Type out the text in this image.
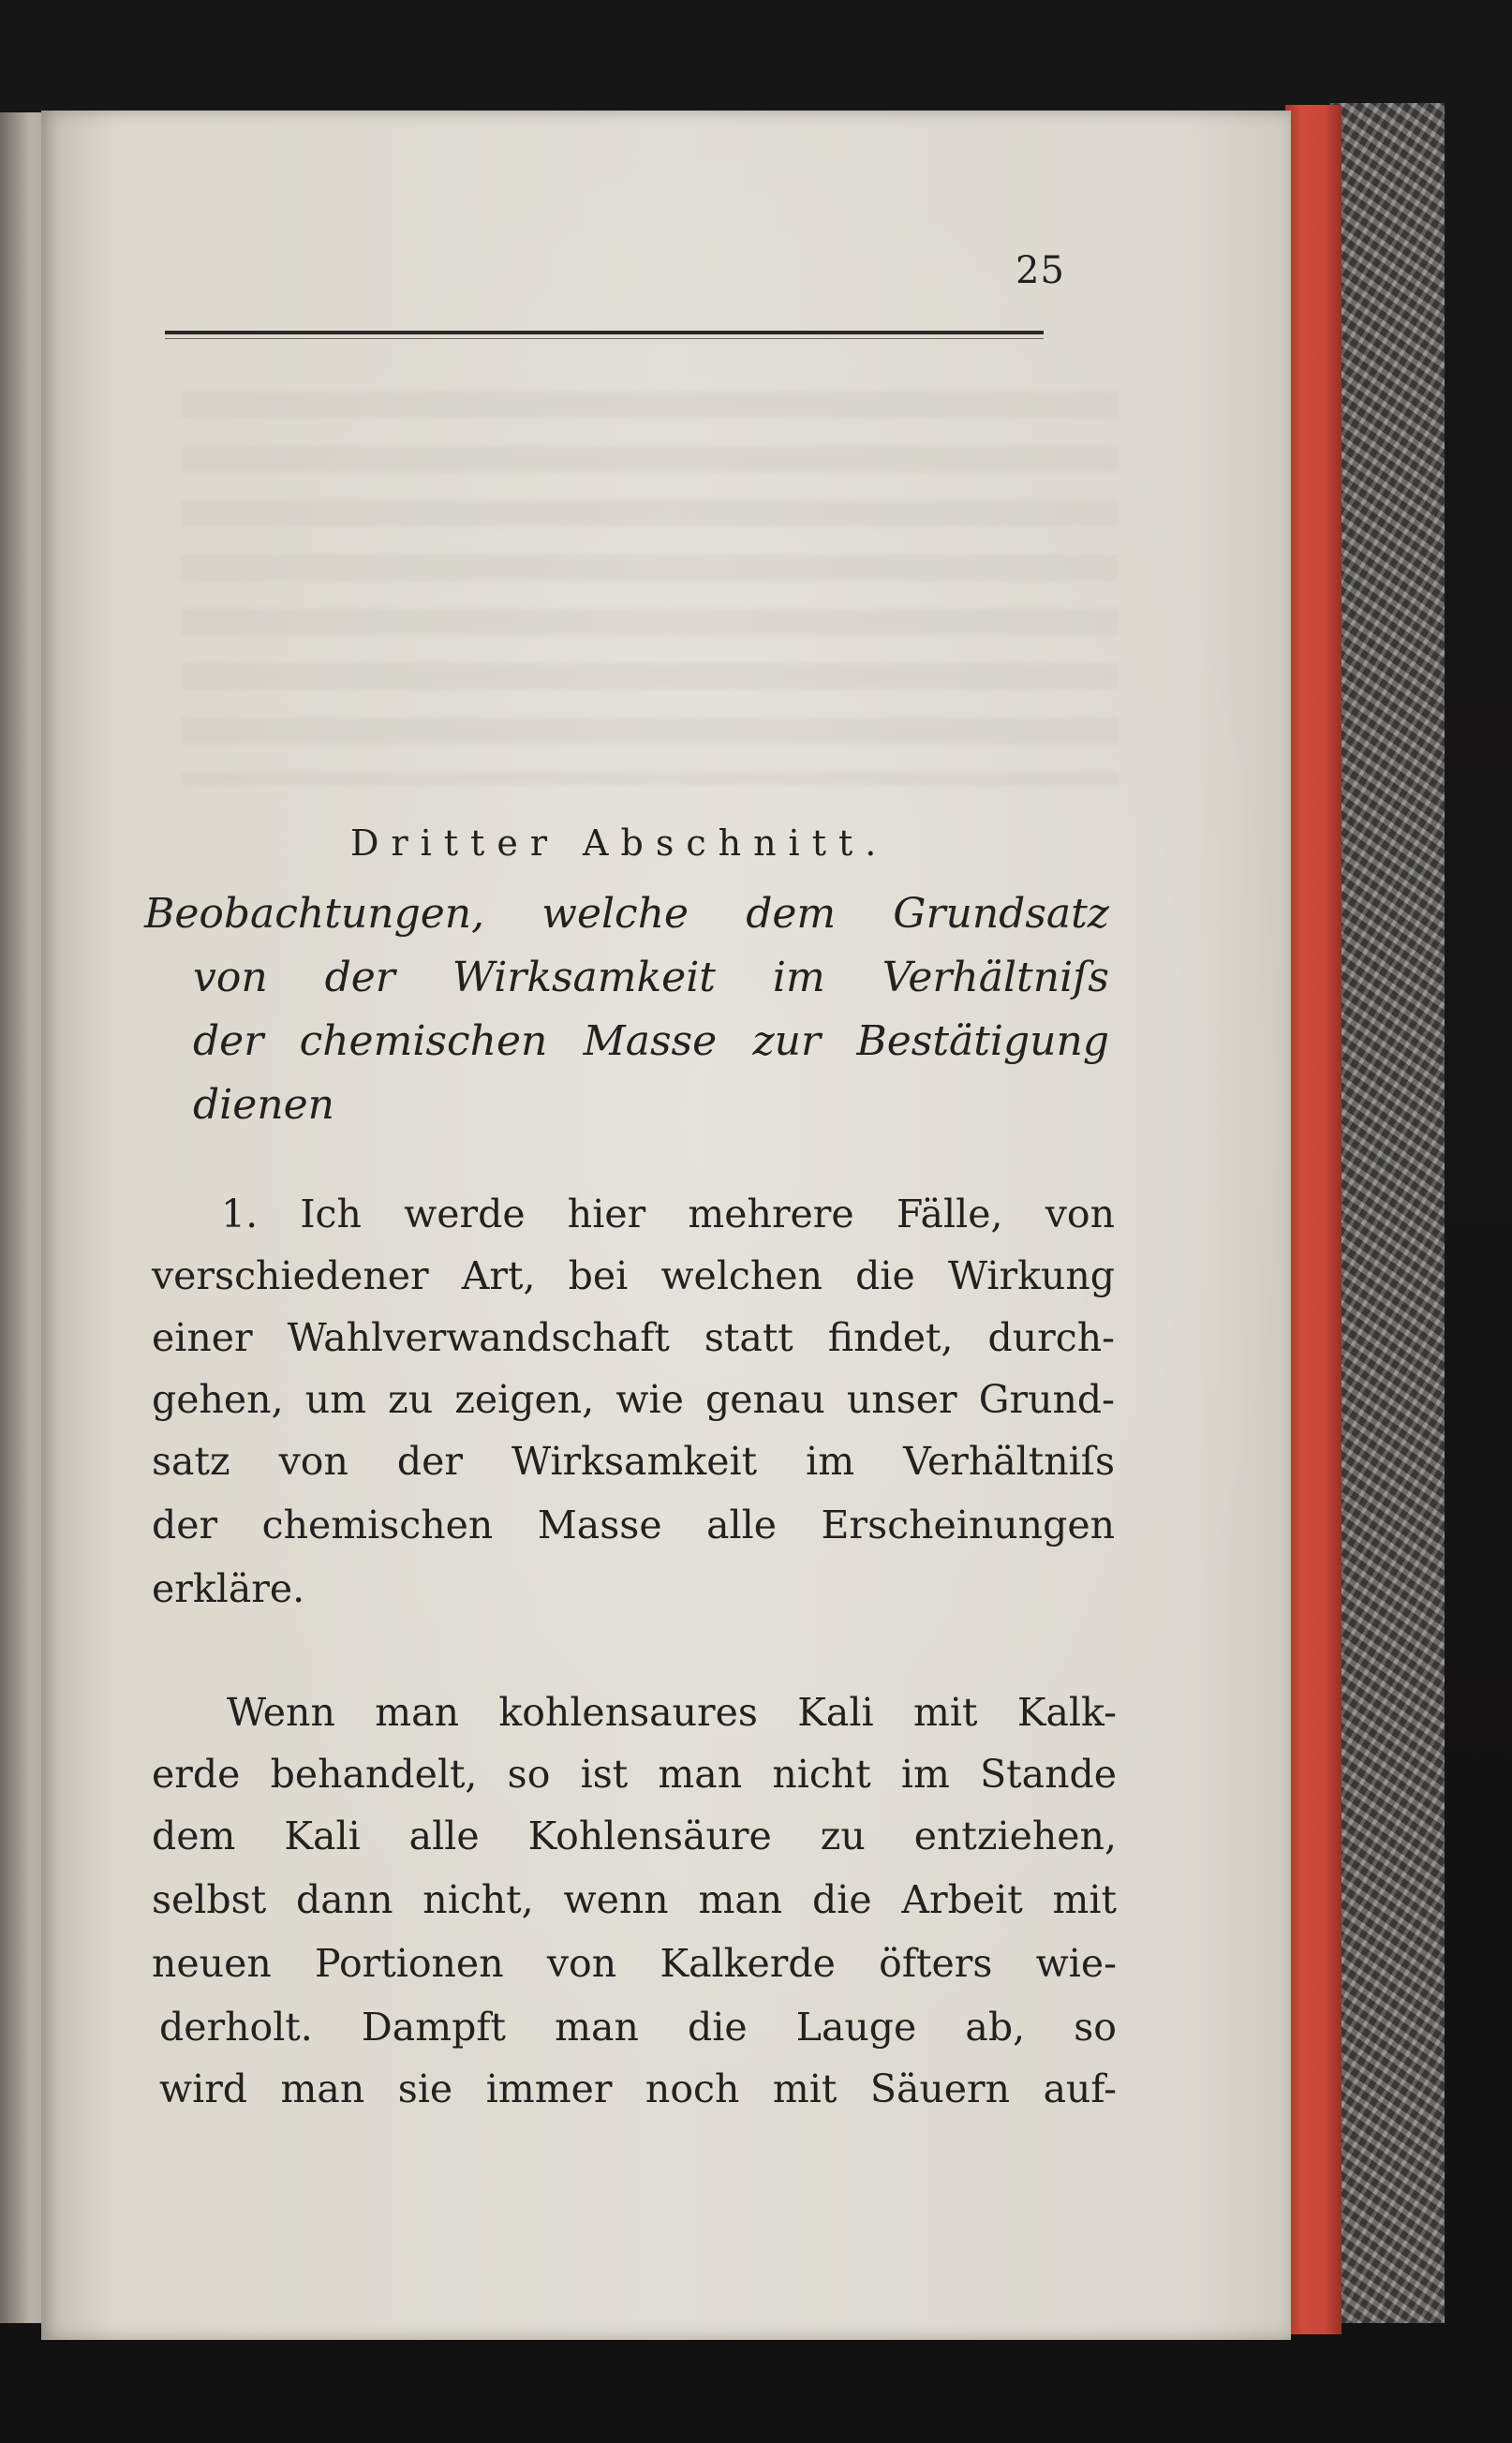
25
Dritter Abschnitt.
Beobachtungen, welche dem Grundsatz
von der Wirksamkeit im Verhältniſs
der chemischen Masse zur Bestätigung
dienen
1. Ich werde hier mehrere Fälle, von
verschiedener Art, bei welchen die Wirkung
einer Wahlverwandschaft statt findet, durch-
gehen, um zu zeigen, wie genau unser Grund-
satz von der Wirksamkeit im Verhältniſs
der chemischen Masse alle Erscheinungen
erkläre.
Wenn man kohlensaures Kali mit Kalk-
erde behandelt, so ist man nicht im Stande
dem Kali alle Kohlensäure zu entziehen,
selbst dann nicht, wenn man die Arbeit mit
neuen Portionen von Kalkerde öfters wie-
derholt. Dampft man die Lauge ab, so
wird man sie immer noch mit Säuern auf-
